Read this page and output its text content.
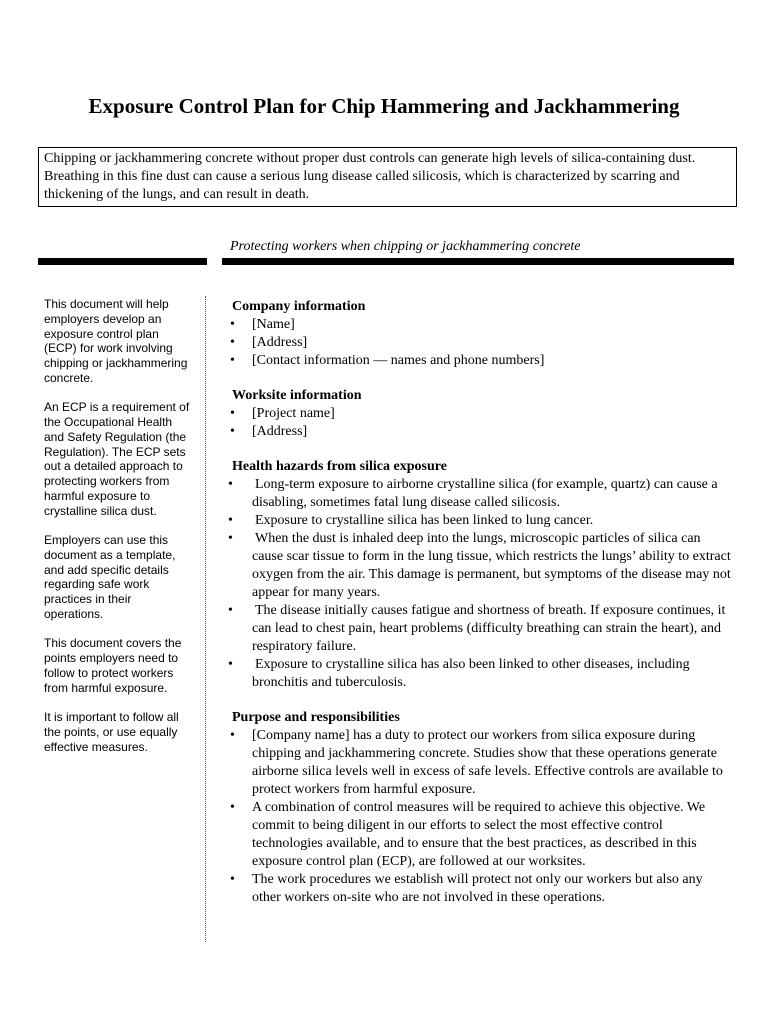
Exposure Control Plan for Chip Hammering and Jackhammering
Chipping or jackhammering concrete without proper dust controls can generate high levels of silica-containing dust. Breathing in this fine dust can cause a serious lung disease called silicosis, which is characterized by scarring and thickening of the lungs, and can result in death.
Protecting workers when chipping or jackhammering concrete

This document will help employers develop an exposure control plan (ECP) for work involving chipping or jackhammering concrete.

An ECP is a requirement of the Occupational Health and Safety Regulation (the Regulation). The ECP sets out a detailed approach to protecting workers from harmful exposure to crystalline silica dust.

Employers can use this document as a template, and add specific details regarding safe work practices in their operations.

This document covers the points employers need to follow to protect workers from harmful exposure.

It is important to follow all the points, or use equally effective measures.

Company information
• [Name]
• [Address]
• [Contact information — names and phone numbers]
Worksite information
• [Project name]
• [Address]
Health hazards from silica exposure
• Long-term exposure to airborne crystalline silica (for example, quartz) can cause a disabling, sometimes fatal lung disease called silicosis.
• Exposure to crystalline silica has been linked to lung cancer.
• When the dust is inhaled deep into the lungs, microscopic particles of silica can cause scar tissue to form in the lung tissue, which restricts the lungs’ ability to extract oxygen from the air. This damage is permanent, but symptoms of the disease may not appear for many years.
• The disease initially causes fatigue and shortness of breath. If exposure continues, it can lead to chest pain, heart problems (difficulty breathing can strain the heart), and respiratory failure.
• Exposure to crystalline silica has also been linked to other diseases, including bronchitis and tuberculosis.
Purpose and responsibilities
• [Company name] has a duty to protect our workers from silica exposure during chipping and jackhammering concrete. Studies show that these operations generate airborne silica levels well in excess of safe levels. Effective controls are available to protect workers from harmful exposure.
• A combination of control measures will be required to achieve this objective. We commit to being diligent in our efforts to select the most effective control technologies available, and to ensure that the best practices, as described in this exposure control plan (ECP), are followed at our worksites.
• The work procedures we establish will protect not only our workers but also any other workers on-site who are not involved in these operations.
